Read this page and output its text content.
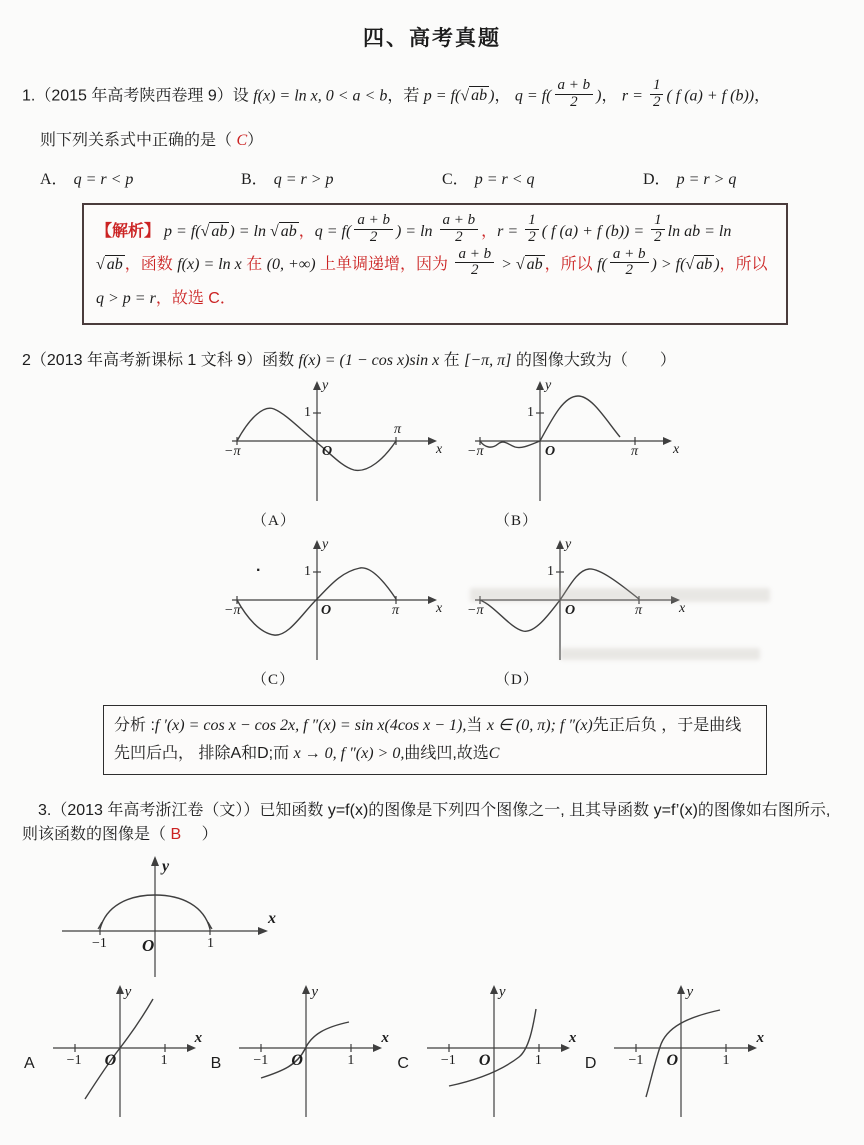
四、高考真题
1.（2015 年高考陕西卷理 9）设 f(x) = ln x, 0 < a < b，若 p = f(√ ab )， $q = f( \frac{a + b}{2}$ )， $r = \frac{1}{2}$ ( f (a) + f (b))，
则下列关系式中正确的是（ C）
A． q = r < p	B． q = r > p	C． p = r < q	D． p = r > q
【解析】 p = f(√ ab ) = ln √ ab ，$q = f( \frac{a + b}{2}$ ) = $\ln \frac{a + b}{2}$ ，$r = \frac{1}{2}$ ( f (a) + f $(b)) = \frac{1}{2}$ ln ab = ln √ ab ，函数 f(x) = ln x 在 (0, +∞) 上单调递增，因为 $\frac{a + b}{2}$ > √ ab ，所以 $f( \frac{a + b}{2}$ ) > f(√ ab )，所以 q > p = r，故选 C．
2（2013 年高考新课标 1 文科 9）函数 f(x) = (1 − cos x)sin x 在 [−π, π] 的图像大致为（　　）
·
y
x
1
−π	O
π
（A）
y
x
1
−π	O	π
（B）
y
x
1
−π	O	π
（C）
y
x
1
−π	O	π
（D）
分析 :f ′(x) = cos x − cos 2x, f ″(x) = sin x(4cos x − 1),当 x ∈ (0, π); f ″(x)先正后负 ，于是曲线先凹后凸， 排除A和D;而 x → 0, f ″(x) > 0,曲线凹,故选C
3.（2013 年高考浙江卷（文））已知函数 y=f(x)的图像是下列四个图像之一, 且其导函数 y=f’(x)的图像如右图所示, 则该函数的图像是（ B　 ）
y
x
−1 O	1
A
y
x
−1 O	1	B
y
x
−1 O	1	C
y
x
−1 O	1	D
y
x
−1 O	1
